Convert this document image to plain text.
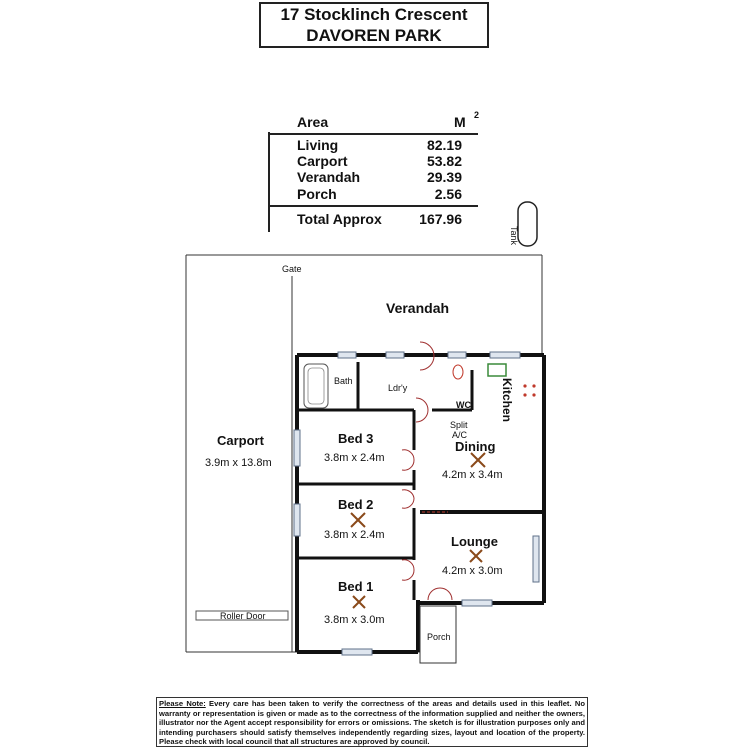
17 Stocklinch Crescent
DAVOREN PARK
Area	M 2
Living	82.19
Carport	53.82
Verandah	29.39
Porch	2.56
Total Approx	167.96
Tank
Gate
Verandah
Bath
Ldr'y
WC Kitchen
Split
A/C
Carport
3.9m x 13.8m
Bed 3
3.8m x 2.4m
Bed 2
3.8m x 2.4m
Bed 1
3.8m x 3.0m
Dining
4.2m x 3.4m
Lounge
4.2m x 3.0m
Porch
Roller Door
Please Note: Every care has been taken to verify the correctness of the areas and details used in this leaflet. No warranty or representation is given or made as to the correctness of the information supplied and neither the owners, illustrator nor the Agent accept responsibility for errors or omissions. The sketch is for illustration purposes only and intending purchasers should satisfy themselves independently regarding sizes, layout and location of the property. Please check with local council that all structures are approved by council.
